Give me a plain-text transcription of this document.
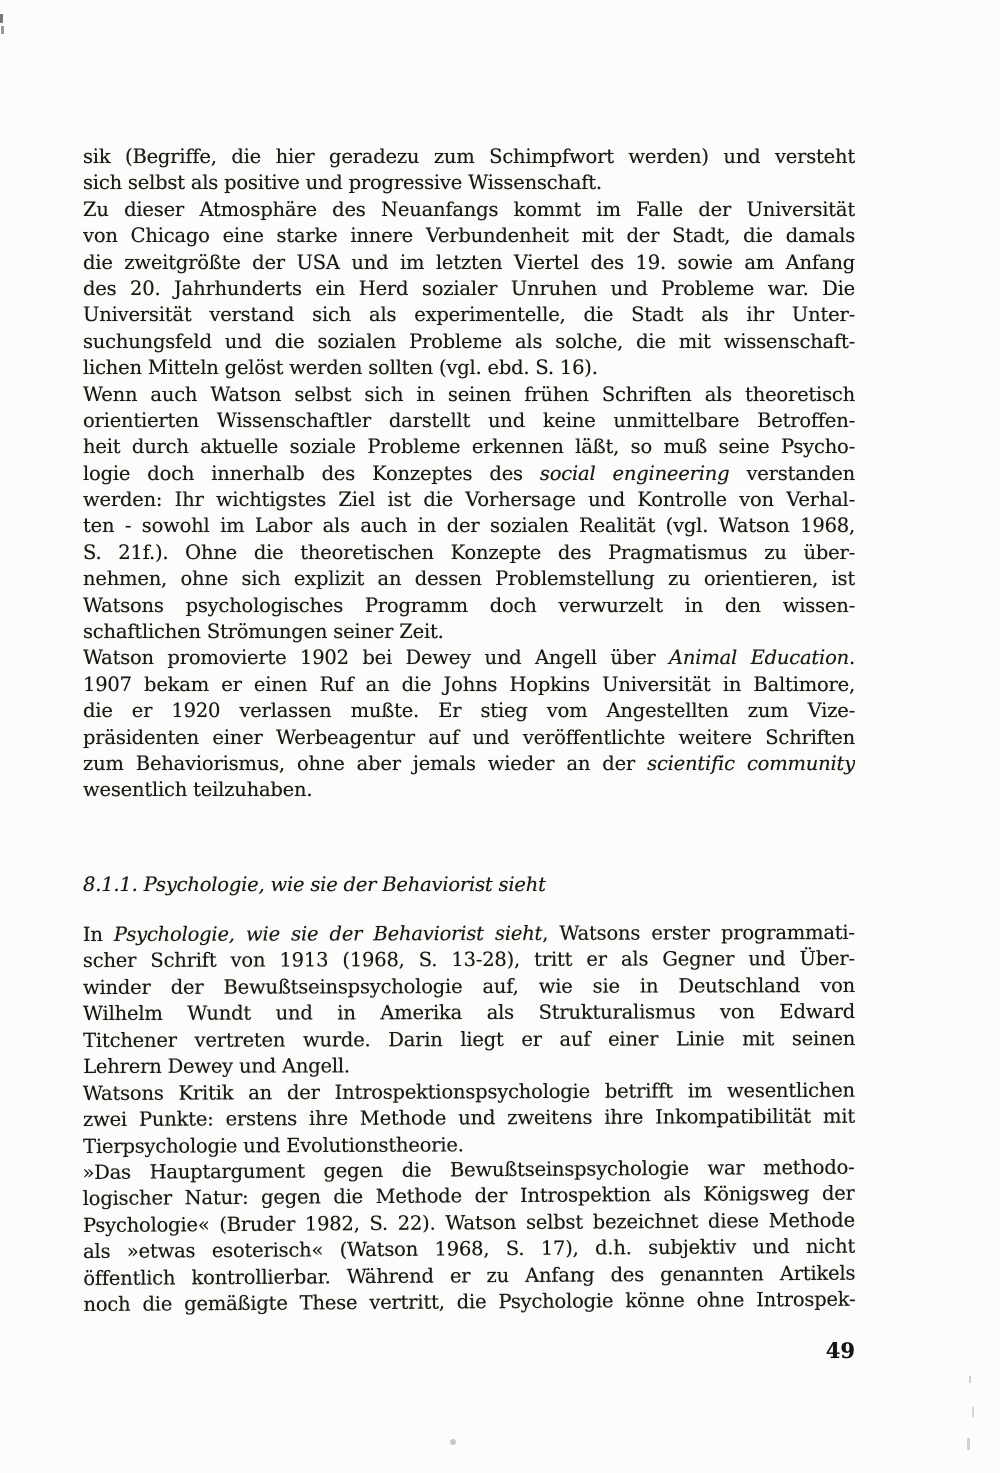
sik (Begriffe, die hier geradezu zum Schimpfwort werden) und versteht
sich selbst als positive und progressive Wissenschaft.
Zu dieser Atmosphäre des Neuanfangs kommt im Falle der Universität
von Chicago eine starke innere Verbundenheit mit der Stadt, die damals
die zweitgrößte der USA und im letzten Viertel des 19. sowie am Anfang
des 20. Jahrhunderts ein Herd sozialer Unruhen und Probleme war. Die
Universität verstand sich als experimentelle, die Stadt als ihr Unter-
suchungsfeld und die sozialen Probleme als solche, die mit wissenschaft-
lichen Mitteln gelöst werden sollten (vgl. ebd. S. 16).
Wenn auch Watson selbst sich in seinen frühen Schriften als theoretisch
orientierten Wissenschaftler darstellt und keine unmittelbare Betroffen-
heit durch aktuelle soziale Probleme erkennen läßt, so muß seine Psycho-
logie doch innerhalb des Konzeptes des social engineering verstanden
werden: Ihr wichtigstes Ziel ist die Vorhersage und Kontrolle von Verhal-
ten - sowohl im Labor als auch in der sozialen Realität (vgl. Watson 1968,
S. 21f.). Ohne die theoretischen Konzepte des Pragmatismus zu über-
nehmen, ohne sich explizit an dessen Problemstellung zu orientieren, ist
Watsons psychologisches Programm doch verwurzelt in den wissen-
schaftlichen Strömungen seiner Zeit.
Watson promovierte 1902 bei Dewey und Angell über Animal Education.
1907 bekam er einen Ruf an die Johns Hopkins Universität in Baltimore,
die er 1920 verlassen mußte. Er stieg vom Angestellten zum Vize-
präsidenten einer Werbeagentur auf und veröffentlichte weitere Schriften
zum Behaviorismus, ohne aber jemals wieder an der scientific community
wesentlich teilzuhaben.
8.1.1. Psychologie, wie sie der Behaviorist sieht
In Psychologie, wie sie der Behaviorist sieht, Watsons erster programmati-
scher Schrift von 1913 (1968, S. 13-28), tritt er als Gegner und Über-
winder der Bewußtseinspsychologie auf, wie sie in Deutschland von
Wilhelm Wundt und in Amerika als Strukturalismus von Edward
Titchener vertreten wurde. Darin liegt er auf einer Linie mit seinen
Lehrern Dewey und Angell.
Watsons Kritik an der Introspektionspsychologie betrifft im wesentlichen
zwei Punkte: erstens ihre Methode und zweitens ihre Inkompatibilität mit
Tierpsychologie und Evolutionstheorie.
»Das Hauptargument gegen die Bewußtseinspsychologie war methodo-
logischer Natur: gegen die Methode der Introspektion als Königsweg der
Psychologie« (Bruder 1982, S. 22). Watson selbst bezeichnet diese Methode
als »etwas esoterisch« (Watson 1968, S. 17), d.h. subjektiv und nicht
öffentlich kontrollierbar. Während er zu Anfang des genannten Artikels
noch die gemäßigte These vertritt, die Psychologie könne ohne Introspek-
49
